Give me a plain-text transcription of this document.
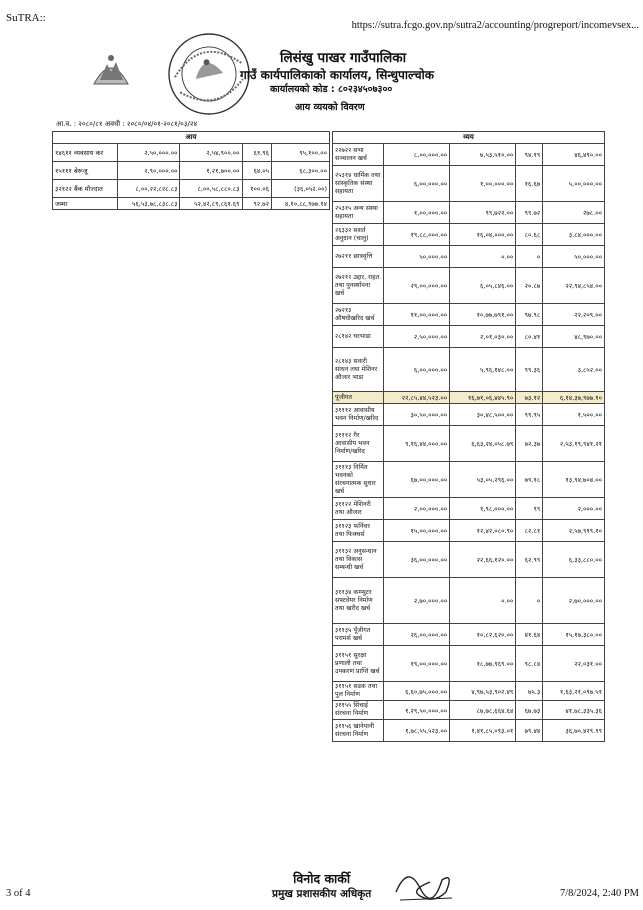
SuTRA::
https://sutra.fcgo.gov.np/sutra2/accounting/progreport/incomevsex...
लिसंखु पाखर गाउँपालिका
गाउँ कार्यपालिकाको कार्यालय, सिन्धुपाल्चोक
कार्यालयको कोड : ८०२३४५०७३००
आय व्ययको विवरण
आ.व. : २०८०/८१ अवधी : २०८०/०४/०१-२०८१/०३/२४
आय				
१४६११ व्यवसाय कर	२,५०,०००.००	२,५४,९००.००	६१.९६	९५,१००.००
१५१११ बेरूजू	२,९०,०००.००	१,२१,७००.००	६४.०५	६८,३००.००
३२१२२ बैंक मौज्दात	८,००,२२,८२८.८३	८,००,५८,८८०.८३	१००.०६	(३६,०५२.००)
जम्मा	५६,५३,७८,८३८.८३	५२,४२,८९,८६१.६९	९२.७२	४,१०,८८,९७७.१४
व्यय				
२२७२२ सभा सञ्चालन खर्च	८,००,०००.००	७,५३,५१०.००	९४.१९	४६,४९०.००
२५३१४ धार्मिक तथा सांस्कृतिक संस्था सहायता	६,००,०००.००	१,००,०००.००	१६.६७	५,००,०००.००
२५३१५ अन्य संस्था सहायता	१,००,०००.००	९९,७२२.००	९९.७२	२७८.००
२६३३२ सशर्त अनुदान (चालु)	१९,८८,०००.००	१६,०४,०००.००	८०.६८	३,८४,०००.००
२७२११ छात्रवृत्ति	५०,०००.००	०.००	०	५०,०००.००
२७२१२ उद्दार, राहत तथा पुनर्स्थापना खर्च	२९,००,०००.००	६,०५,८४६.००	२०.८७	२२,९४,८५४.००
२७२१३ औषधीखरिद खर्च	११,००,०००.००	१०,७७,७९१.००	९७.९८	२२,२०९.००
२८१४२ घरभाडा	२,५०,०००.००	२,०१,०३०.००	८०.४१	४८,९७०.००
२८१४३ सवारी साधन तथा मेशिनर औजार भाडा	६,००,०००.००	५,९६,१४८.००	९९.३६	३,८५२.००
पूंजीगत	२२,८५,४४,५२३.००	१६,७१,०६,४४५.९०	७३.१२	६,१४,३७,९७७.१०
३१११२ आवासीय भवन निर्माण/खरिद	३०,५०,०००.००	३०,४८,५००.००	९९.९५	१,५००.००
३१११२ गैर आवासीय भवन निर्माण/खरिद	९,१६,४४,०००.००	६,६३,२४,०५८.७९	७२.३७	२,५३,१९,९४१.२१
३१११३ निर्मित भवनको संरचनात्मक सुधार खर्च	६७,००,०००.००	५३,०५,२९६.००	७९.१८	१३,९४,७०४.००
३११२२ मेशिनरी तथा औजार	२,००,०००.००	१,९८,०००.००	९९	२,०००.००
३११२३ फर्निचर तथा फिक्चर्स	१५,००,०००.००	१२,४२,०८०.९०	८२.८१	२,५७,९१९.१०
३११३२ अनुसन्धान तथा विकास सम्बन्धी खर्च	३६,००,०००.००	२२,६६,१२०.००	६२.९९	६,३३,८८०.००
३११३४ कम्प्युटर सफ्टवेयर निर्माण तथा खरीद खर्च	२,७०,०००.००	०.००	०	२,७०,०००.००
३११३५ पूँजीगत परामर्श खर्च	२६,००,०००.००	१०,८२,६२०.००	४१.६४	१५,१७,३८०.००
३११५१ सुरक्षा प्रणाली तथा उपकरण प्राप्ति खर्च	१९,००,०००.००	१८,७७,९६९.००	९८.८४	२२,०३१.००
३११५१ सडक तथा पुल निर्माण	६,६०,७५,०००.००	४,९७,५३,९०२.४९	७५.३	१,६३,२१,०९७.५१
३११५५ सिंचाई संरचना निर्माण	१,२९,५०,०००.००	८७,७८,६६४.६४	६७.७३	४१,७८,३३५.३६
३११५६ खानेपानी संरचना निर्माण	१,७८,५५,५२३.००	१,४१,८५,०९३.०१	७९.४४	३६,७०,४२९.९९
विनोद कार्की
प्रमुख प्रशासकीय अधिकृत
3 of 4	7/8/2024, 2:40 PM
